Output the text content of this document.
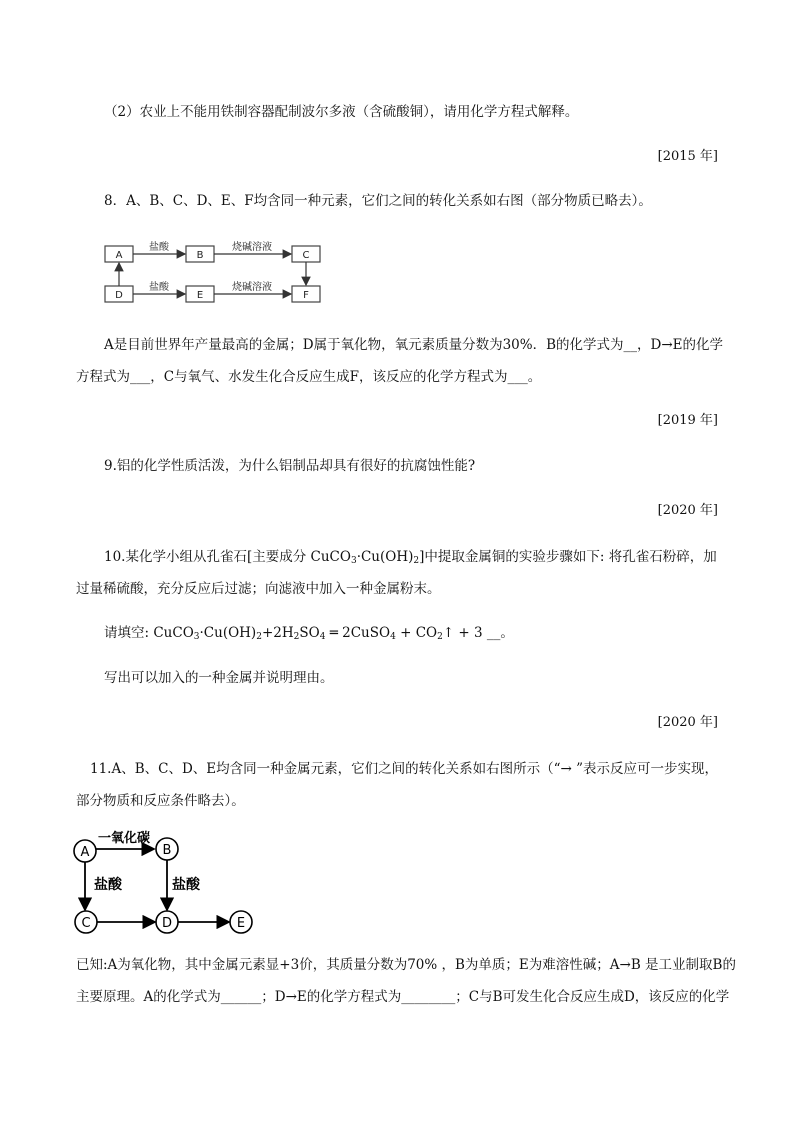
（2）农业上不能用铁制容器配制波尔多液（含硫酸铜），请用化学方程式解释。
[2015 年]
8．A、B、C、D、E、F均含同一种元素，它们之间的转化关系如右图（部分物质已略去）。
A	B	C
D	E	F
盐酸	烧碱溶液
盐酸	烧碱溶液
A是目前世界年产量最高的金属；D属于氧化物，氧元素质量分数为30%．B的化学式为__，D→E的化学
方程式为___，C与氧气、水发生化合反应生成F，该反应的化学方程式为___。
[2019 年]
9.铝的化学性质活泼，为什么铝制品却具有很好的抗腐蚀性能?
[2020 年]
10.某化学小组从孔雀石[主要成分 $CuCO_3\cdot Cu(OH)_2$]中提取金属铜的实验步骤如下: 将孔雀石粉碎，加
过量稀硫酸，充分反应后过滤；向滤液中加入一种金属粉末。
请填空: $CuCO_3\cdot Cu(OH)_2+2H_2SO_4$ ═ 2CuSO$_4$ + $CO_2↑ + 3$ __。
写出可以加入的一种金属并说明理由。
[2020 年]
11.A、B、C、D、E均含同一种金属元素，它们之间的转化关系如右图所示（“→ ”表示反应可一步实现，
部分物质和反应条件略去）。
A	B
C	D	E
一氧化碳
盐酸	盐酸
已知:A为氧化物，其中金属元素显+3价，其质量分数为70% ，B为单质；E为难溶性碱；A→B 是工业制取B的
主要原理。A的化学式为______；D→E的化学方程式为________；C与B可发生化合反应生成D，该反应的化学
